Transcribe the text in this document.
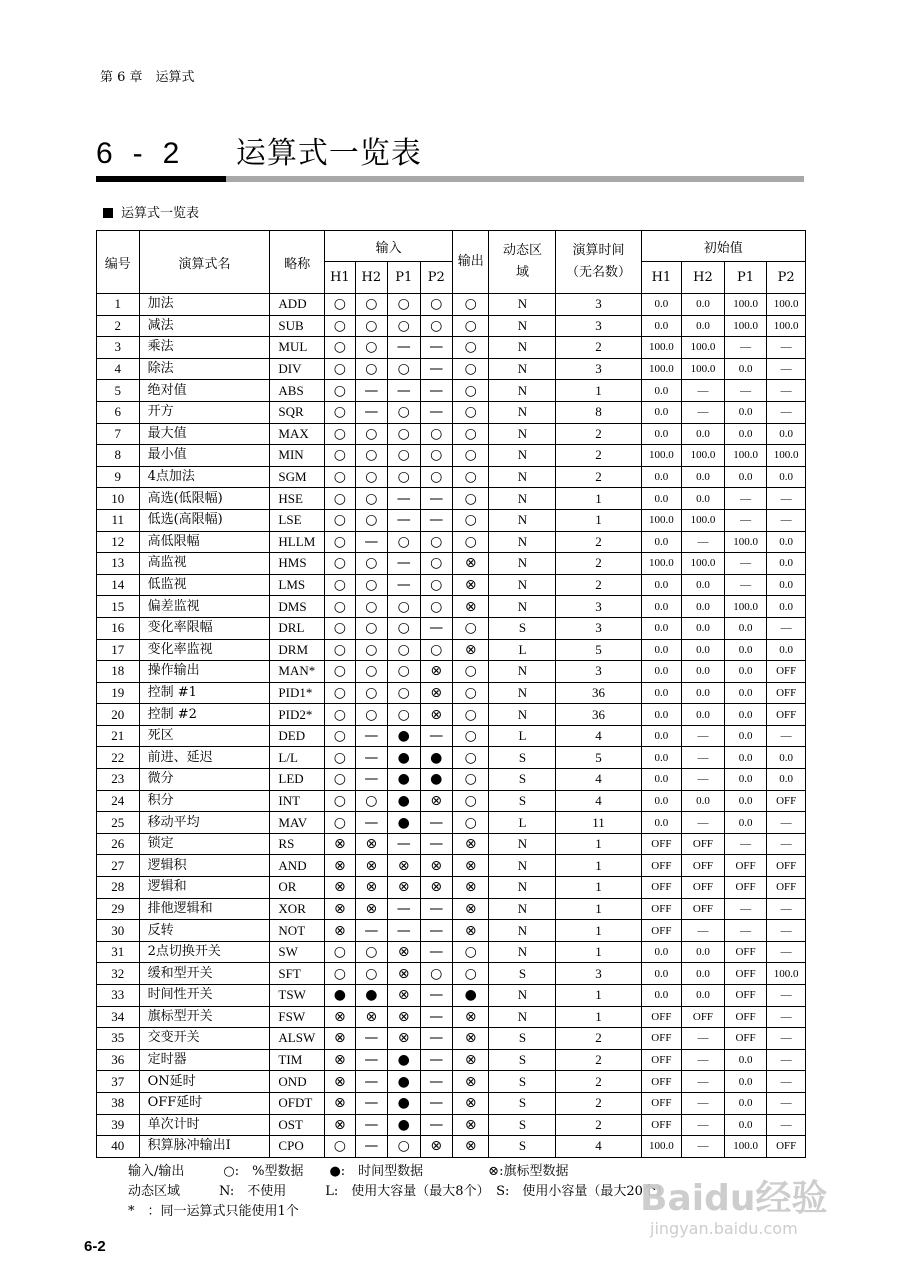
第 6 章　运算式
6-2 运算式一览表
运算式一览表
编号	演算式名	略称	输入				输出	动态区域	演算时间（无名数）	初始值			
			H1	H2	P1	P2				H1	H2	P1	P2
1	加法	ADD	○	○	○	○	○	N	3	0.0	0.0	100.0	100.0
2	减法	SUB	○	○	○	○	○	N	3	0.0	0.0	100.0	100.0
3	乘法	MUL	○	○	—	—	○	N	2	100.0	100.0	—	—
4	除法	DIV	○	○	○	—	○	N	3	100.0	100.0	0.0	—
5	绝对值	ABS	○	—	—	—	○	N	1	0.0	—	—	—
6	开方	SQR	○	—	○	—	○	N	8	0.0	—	0.0	—
7	最大值	MAX	○	○	○	○	○	N	2	0.0	0.0	0.0	0.0
8	最小值	MIN	○	○	○	○	○	N	2	100.0	100.0	100.0	100.0
9	4点加法	SGM	○	○	○	○	○	N	2	0.0	0.0	0.0	0.0
10	高选(低限幅)	HSE	○	○	—	—	○	N	1	0.0	0.0	—	—
11	低选(高限幅)	LSE	○	○	—	—	○	N	1	100.0	100.0	—	—
12	高低限幅	HLLM	○	—	○	○	○	N	2	0.0	—	100.0	0.0
13	高监视	HMS	○	○	—	○	⊗	N	2	100.0	100.0	—	0.0
14	低监视	LMS	○	○	—	○	⊗	N	2	0.0	0.0	—	0.0
15	偏差监视	DMS	○	○	○	○	⊗	N	3	0.0	0.0	100.0	0.0
16	变化率限幅	DRL	○	○	○	—	○	S	3	0.0	0.0	0.0	—
17	变化率监视	DRM	○	○	○	○	⊗	L	5	0.0	0.0	0.0	0.0
18	操作输出	MAN*	○	○	○	⊗	○	N	3	0.0	0.0	0.0	OFF
19	控制 #1	PID1*	○	○	○	⊗	○	N	36	0.0	0.0	0.0	OFF
20	控制 #2	PID2*	○	○	○	⊗	○	N	36	0.0	0.0	0.0	OFF
21	死区	DED	○	—	●	—	○	L	4	0.0	—	0.0	—
22	前进、延迟	L/L	○	—	●	●	○	S	5	0.0	—	0.0	0.0
23	微分	LED	○	—	●	●	○	S	4	0.0	—	0.0	0.0
24	积分	INT	○	○	●	⊗	○	S	4	0.0	0.0	0.0	OFF
25	移动平均	MAV	○	—	●	—	○	L	11	0.0	—	0.0	—
26	锁定	RS	⊗	⊗	—	—	⊗	N	1	OFF	OFF	—	—
27	逻辑积	AND	⊗	⊗	⊗	⊗	⊗	N	1	OFF	OFF	OFF	OFF
28	逻辑和	OR	⊗	⊗	⊗	⊗	⊗	N	1	OFF	OFF	OFF	OFF
29	排他逻辑和	XOR	⊗	⊗	—	—	⊗	N	1	OFF	OFF	—	—
30	反转	NOT	⊗	—	—	—	⊗	N	1	OFF	—	—	—
31	2点切换开关	SW	○	○	⊗	—	○	N	1	0.0	0.0	OFF	—
32	缓和型开关	SFT	○	○	⊗	○	○	S	3	0.0	0.0	OFF	100.0
33	时间性开关	TSW	●	●	⊗	—	●	N	1	0.0	0.0	OFF	—
34	旗标型开关	FSW	⊗	⊗	⊗	—	⊗	N	1	OFF	OFF	OFF	—
35	交变开关	ALSW	⊗	—	⊗	—	⊗	S	2	OFF	—	OFF	—
36	定时器	TIM	⊗	—	●	—	⊗	S	2	OFF	—	0.0	—
37	ON延时	OND	⊗	—	●	—	⊗	S	2	OFF	—	0.0	—
38	OFF延时	OFDT	⊗	—	●	—	⊗	S	2	OFF	—	0.0	—
39	单次计时	OST	⊗	—	●	—	⊗	S	2	OFF	—	0.0	—
40	积算脉冲输出I	CPO	○	—	○	⊗	⊗	S	4	100.0	—	100.0	OFF
输入/输出　　　○:　%型数据　　●:　时间型数据　　　　　⊗:旗标型数据
动态区域　　　N:　不使用　　　L:　使用大容量（最大8个）　S:　使用小容量（最大20个）
*　：同一运算式只能使用1个	Baidu经验
jingyan.baidu.com
6-2
